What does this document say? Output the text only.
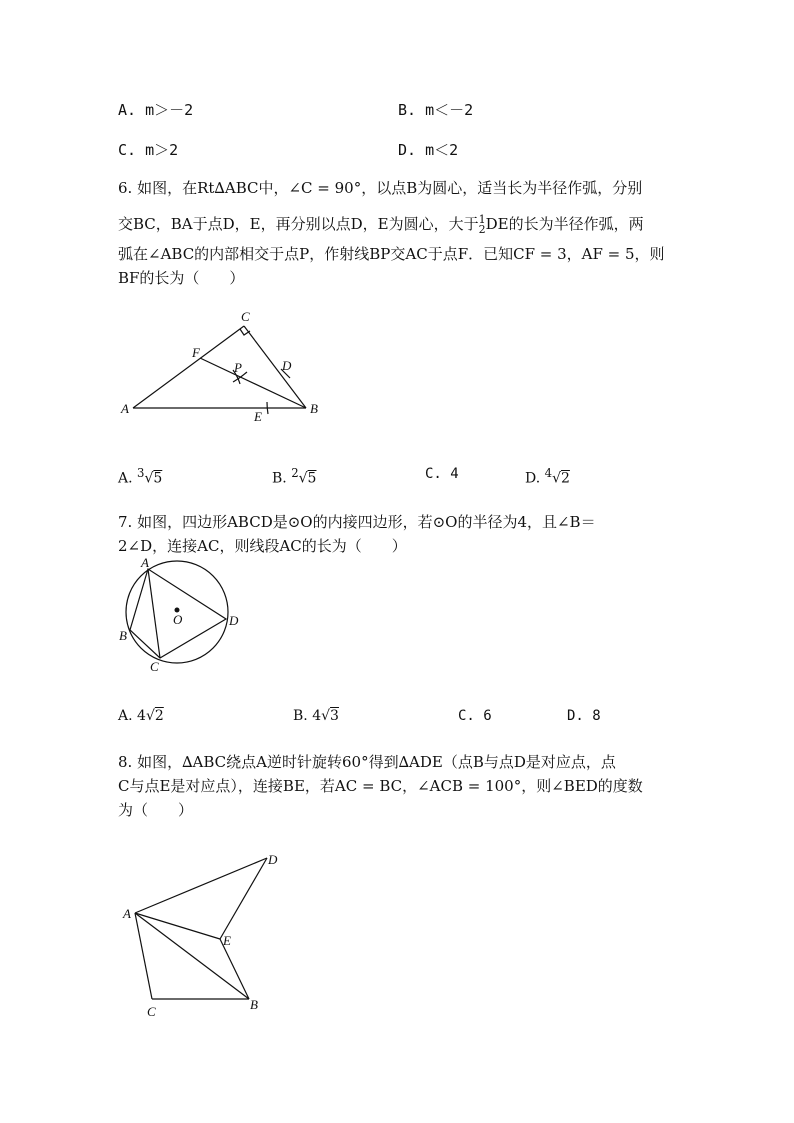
A. m＞－2	B. m＜－2
C. m＞2	D. m＜2
6. 如图，在Rt∆ABC中，∠C = 90°，以点B为圆心，适当长为半径作弧，分别
交BC，BA于点D，E，再分别以点D，E为圆心，大于 1
2 DE的长为半径作弧，两
弧在∠ABC的内部相交于点P，作射线BP交AC于点F．已知CF = 3，AF = 5，则
BF的长为（　　）
C
F
P	D
A
E
B
A. $^3$√5	B. $^2$√5	C. 4	D. $^4$√2
7. 如图，四边形ABCD是⊙O的内接四边形，若⊙O的半径为4，且∠B＝
2∠D，连接AC，则线段AC的长为（　　）
A
B
C
D
O
A. 4√2	B. 4√3	C. 6	D. 8
8. 如图，∆ABC绕点A逆时针旋转60°得到∆ADE（点B与点D是对应点，点
C与点E是对应点），连接BE，若AC = BC，∠ACB = 100°，则∠BED的度数
为（　　）
A
D
E
C	B
